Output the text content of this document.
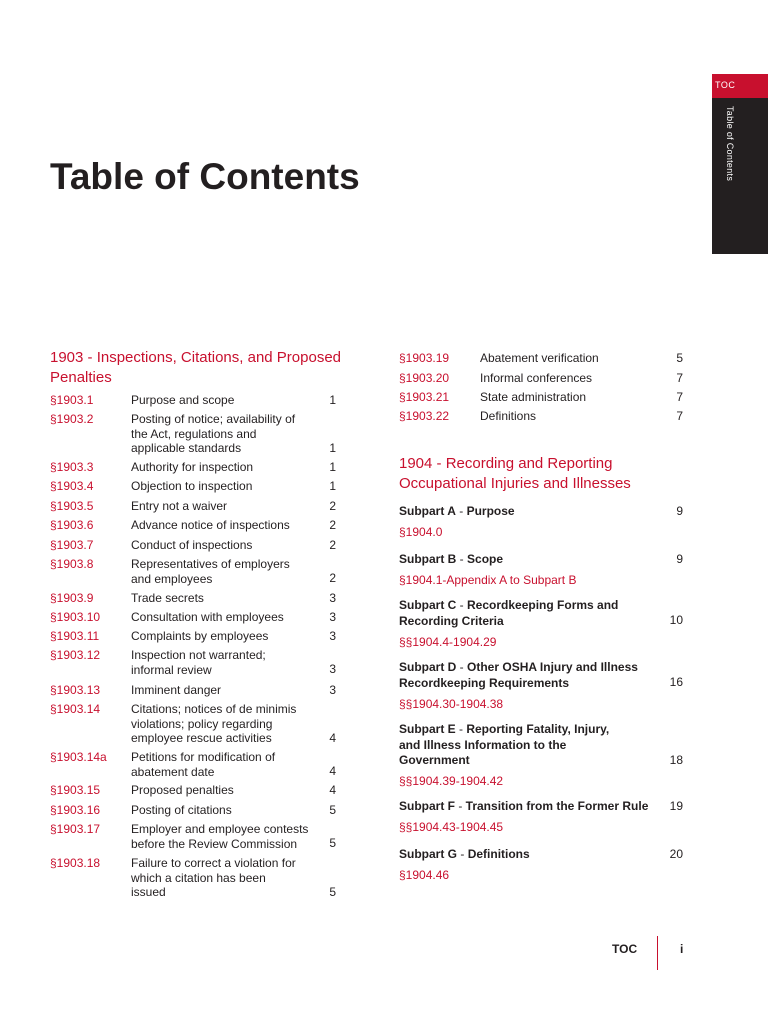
TOC
Table of Contents
Table of Contents
1903 - Inspections, Citations, and Proposed Penalties
§1903.1	Purpose and scope	1
§1903.2	Posting of notice; availability of the Act, regulations and applicable standards	1
§1903.3	Authority for inspection	1
§1903.4	Objection to inspection	1
§1903.5	Entry not a waiver	2
§1903.6	Advance notice of inspections	2
§1903.7	Conduct of inspections	2
§1903.8	Representatives of employers and employees	2
§1903.9	Trade secrets	3
§1903.10	Consultation with employees	3
§1903.11	Complaints by employees	3
§1903.12	Inspection not warranted; informal review	3
§1903.13	Imminent danger	3
§1903.14	Citations; notices of de minimis violations; policy regarding employee rescue activities	4
§1903.14a Petitions for modification of abatement date	4
§1903.15	Proposed penalties	4
§1903.16	Posting of citations	5
§1903.17	Employer and employee contests before the Review Commission	5
§1903.18	Failure to correct a violation for which a citation has been issued	5
§1903.19	Abatement verification	5
§1903.20	Informal conferences	7
§1903.21	State administration	7
§1903.22	Definitions	7
1904 - Recording and Reporting Occupational Injuries and Illnesses
Subpart A - Purpose	9
§1904.0
Subpart B - Scope	9
§1904.1-Appendix A to Subpart B
Subpart C - Recordkeeping Forms and Recording Criteria	10
§§1904.4-1904.29
Subpart D - Other OSHA Injury and Illness Recordkeeping Requirements	16
§§1904.30-1904.38
Subpart E - Reporting Fatality, Injury, and Illness Information to the Government	18
§§1904.39-1904.42
Subpart F - Transition from the Former Rule	19
§§1904.43-1904.45
Subpart G - Definitions	20
§1904.46
TOC	i
